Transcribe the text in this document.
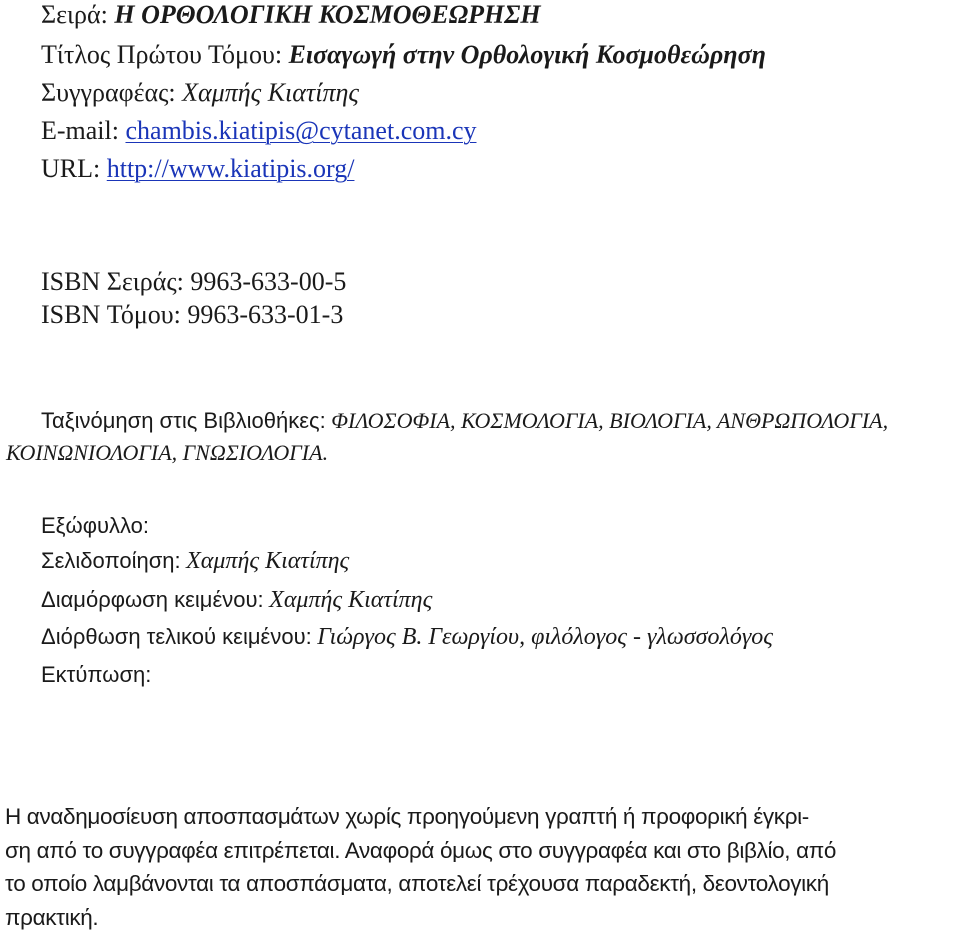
Σειρά: Η ΟΡΘΟΛΟΓΙΚΗ ΚΟΣΜΟΘΕΩΡΗΣΗ
Τίτλος Πρώτου Τόμου: Εισαγωγή στην Ορθολογική Κοσμοθεώρηση
Συγγραφέας: Χαμπής Κιατίπης
E-mail: chambis.kiatipis@cytanet.com.cy
URL: http://www.kiatipis.org/
ISBN Σειράς: 9963-633-00-5
ISBN Τόμου: 9963-633-01-3
Ταξινόμηση στις Βιβλιοθήκες: ΦΙΛΟΣΟΦΙΑ, ΚΟΣΜΟΛΟΓΙΑ, ΒΙΟΛΟΓΙΑ, ΑΝΘΡΩΠΟΛΟΓΙΑ,
ΚΟΙΝΩΝΙΟΛΟΓΙΑ, ΓΝΩΣΙΟΛΟΓΙΑ.
Εξώφυλλο:
Σελιδοποίηση: Χαμπής Κιατίπης
Διαμόρφωση κειμένου: Χαμπής Κιατίπης
Διόρθωση τελικού κειμένου: Γιώργος Β. Γεωργίου, φιλόλογος - γλωσσολόγος
Εκτύπωση:
Η αναδημοσίευση αποσπασμάτων χωρίς προηγούμενη γραπτή ή προφορική έγκρι-
ση από το συγγραφέα επιτρέπεται. Αναφορά όμως στο συγγραφέα και στο βιβλίο, από
το οποίο λαμβάνονται τα αποσπάσματα, αποτελεί τρέχουσα παραδεκτή, δεοντολογική
πρακτική.
